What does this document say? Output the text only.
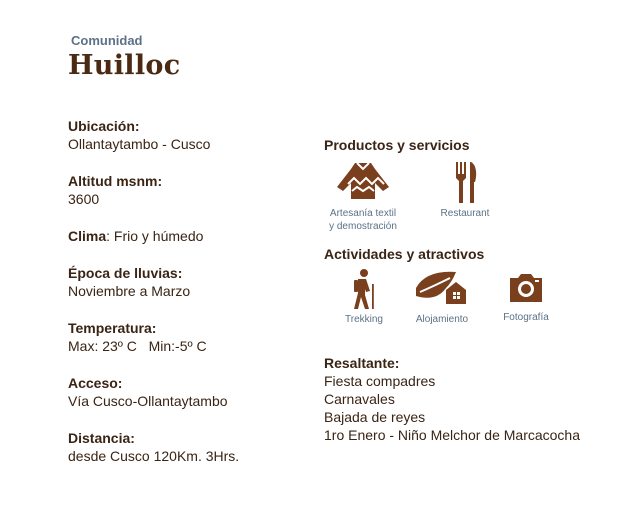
Comunidad
Huilloc
Ubicación:
Ollantaytambo - Cusco
Altitud msnm:
3600
Clima: Frio y húmedo
Época de lluvias:
Noviembre a Marzo
Temperatura:
Max: 23º C   Min:-5º C
Acceso:
Vía Cusco-Ollantaytambo
Distancia:
desde Cusco 120Km. 3Hrs.
Productos y servicios
Artesanía textil
y demostración
Restaurant
Actividades y atractivos
Trekking	Alojamiento	Fotografía
Resaltante:
Fiesta compadres
Carnavales
Bajada de reyes
1ro Enero - Niño Melchor de Marcacocha
